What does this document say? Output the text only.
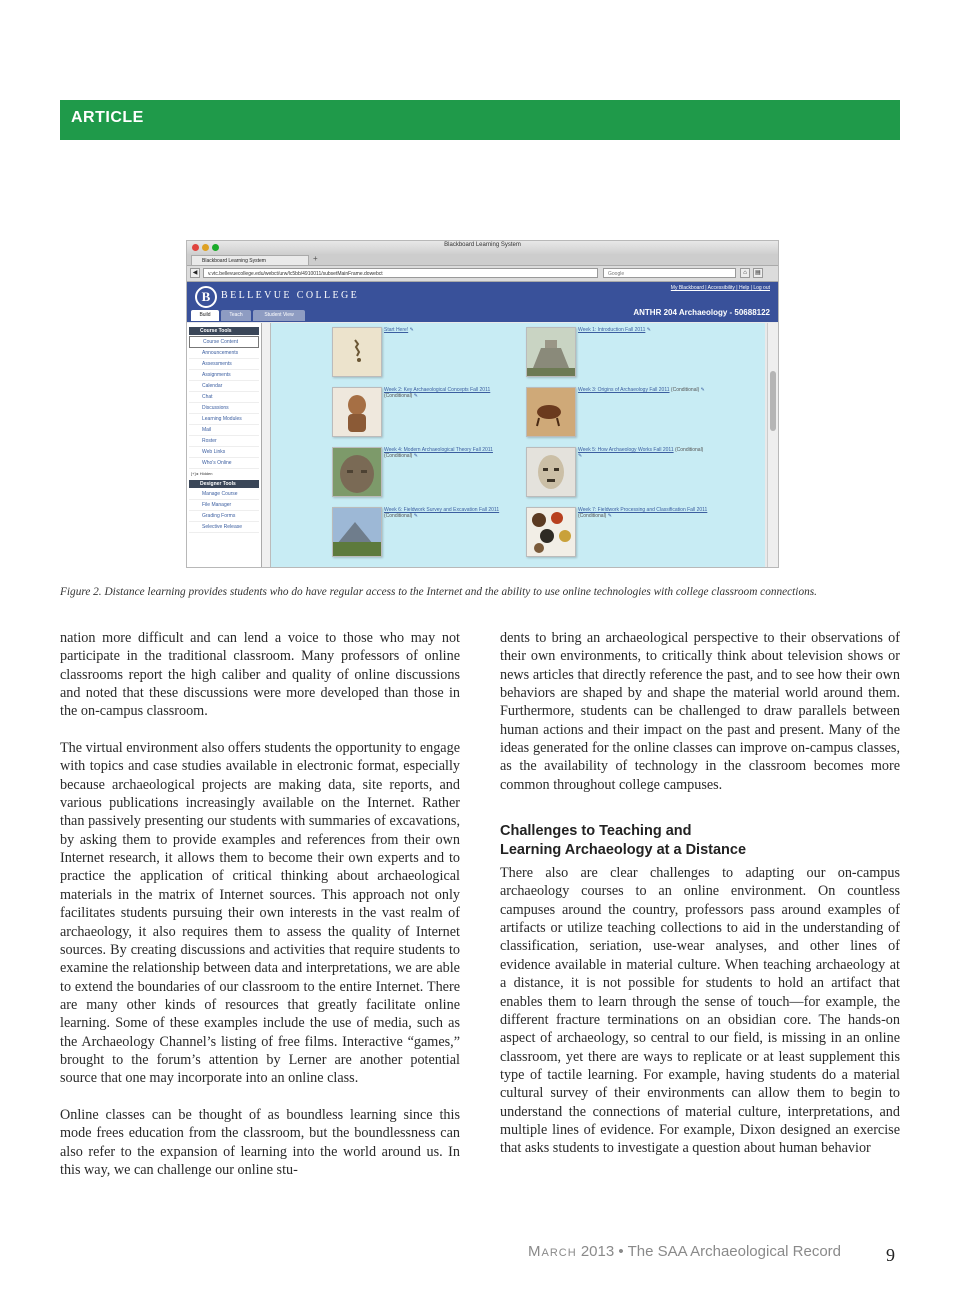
ARTICLE
Blackboard Learning System
Blackboard Learning System	+
◀	v.vtc.bellevuecollege.edu/webct/urw/lc5bb/4910011/subsetMainFrame.dowebct	Google	⌂	▤
B	BELLEVUE COLLEGE
My Blackboard | Accessibility | Help | Log out
ANTHR 204 Archaeology - 50688122
Build	Teach	Student View
Course Tools
Course Content
Announcements
Assessments
Assignments
Calendar
Chat
Discussions
Learning Modules
Mail
Roster
Web Links
Who's Online
[+] ▸ Hidden
Designer Tools
Manage Course
File Manager
Grading Forms
Selective Release
Start Here! ✎	Week 1: Introduction Fall 2011 ✎
Week 2: Key Archaeological Concepts Fall 2011 (Conditional) ✎
Week 3: Origins of Archaeology Fall 2011 (Conditional) ✎
Week 4: Modern Archaeological Theory Fall 2011 (Conditional) ✎
Week 5: How Archaeology Works Fall 2011 (Conditional) ✎
Week 6: Fieldwork Survey and Excavation Fall 2011 (Conditional) ✎
Week 7: Fieldwork Processing and Classification Fall 2011 (Conditional) ✎
Figure 2. Distance learning provides students who do have regular access to the Internet and the ability to use online technologies with college classroom connections.

nation more difficult and can lend a voice to those who may not participate in the traditional classroom. Many professors of online classrooms report the high caliber and quality of online discussions and noted that these discussions were more developed than those in the on-campus classroom.

The virtual environment also offers students the opportunity to engage with topics and case studies available in electronic format, especially because archaeological projects are making data, site reports, and various publications increasingly available on the Internet. Rather than passively presenting our students with summaries of excavations, by asking them to provide examples and references from their own Internet research, it allows them to become their own experts and to practice the application of critical thinking about archaeological materials in the matrix of Internet sources. This approach not only facilitates students pursuing their own interests in the vast realm of archaeology, it also requires them to assess the quality of Internet sources. By creating discussions and activities that require students to examine the relationship between data and interpretations, we are able to extend the boundaries of our classroom to the entire Internet. There are many other kinds of resources that greatly facilitate online learning. Some of these examples include the use of media, such as the Archaeology Channel’s listing of free films. Interactive “games,” brought to the forum’s attention by Lerner are another potential source that one may incorporate into an online class.

Online classes can be thought of as boundless learning since this mode frees education from the classroom, but the boundlessness can also refer to the expansion of learning into the world around us. In this way, we can challenge our online stu-

dents to bring an archaeological perspective to their observations of their own environments, to critically think about television shows or news articles that directly reference the past, and to see how their own behaviors are shaped by and shape the material world around them. Furthermore, students can be challenged to draw parallels between human actions and their impact on the past and present. Many of the ideas generated for the online classes can improve on-campus classes, as the availability of technology in the classroom becomes more common throughout college campuses.

Challenges to Teaching and
Learning Archaeology at a Distance

There also are clear challenges to adapting our on-campus archaeology courses to an online environment. On countless campuses around the country, professors pass around examples of artifacts or utilize teaching collections to aid in the understanding of classification, seriation, use-wear analyses, and other lines of evidence available in material culture. When teaching archaeology at a distance, it is not possible for students to hold an artifact that enables them to learn through the sense of touch—for example, the different fracture terminations on an obsidian core. The hands-on aspect of archaeology, so central to our field, is missing in an online classroom, yet there are ways to replicate or at least supplement this type of tactile learning. For example, having students do a material cultural survey of their environments can allow them to begin to understand the connections of material culture, interpretations, and multiple lines of evidence. For example, Dixon designed an exercise that asks students to investigate a question about human behavior

March 2013 • The SAA Archaeological Record 9
